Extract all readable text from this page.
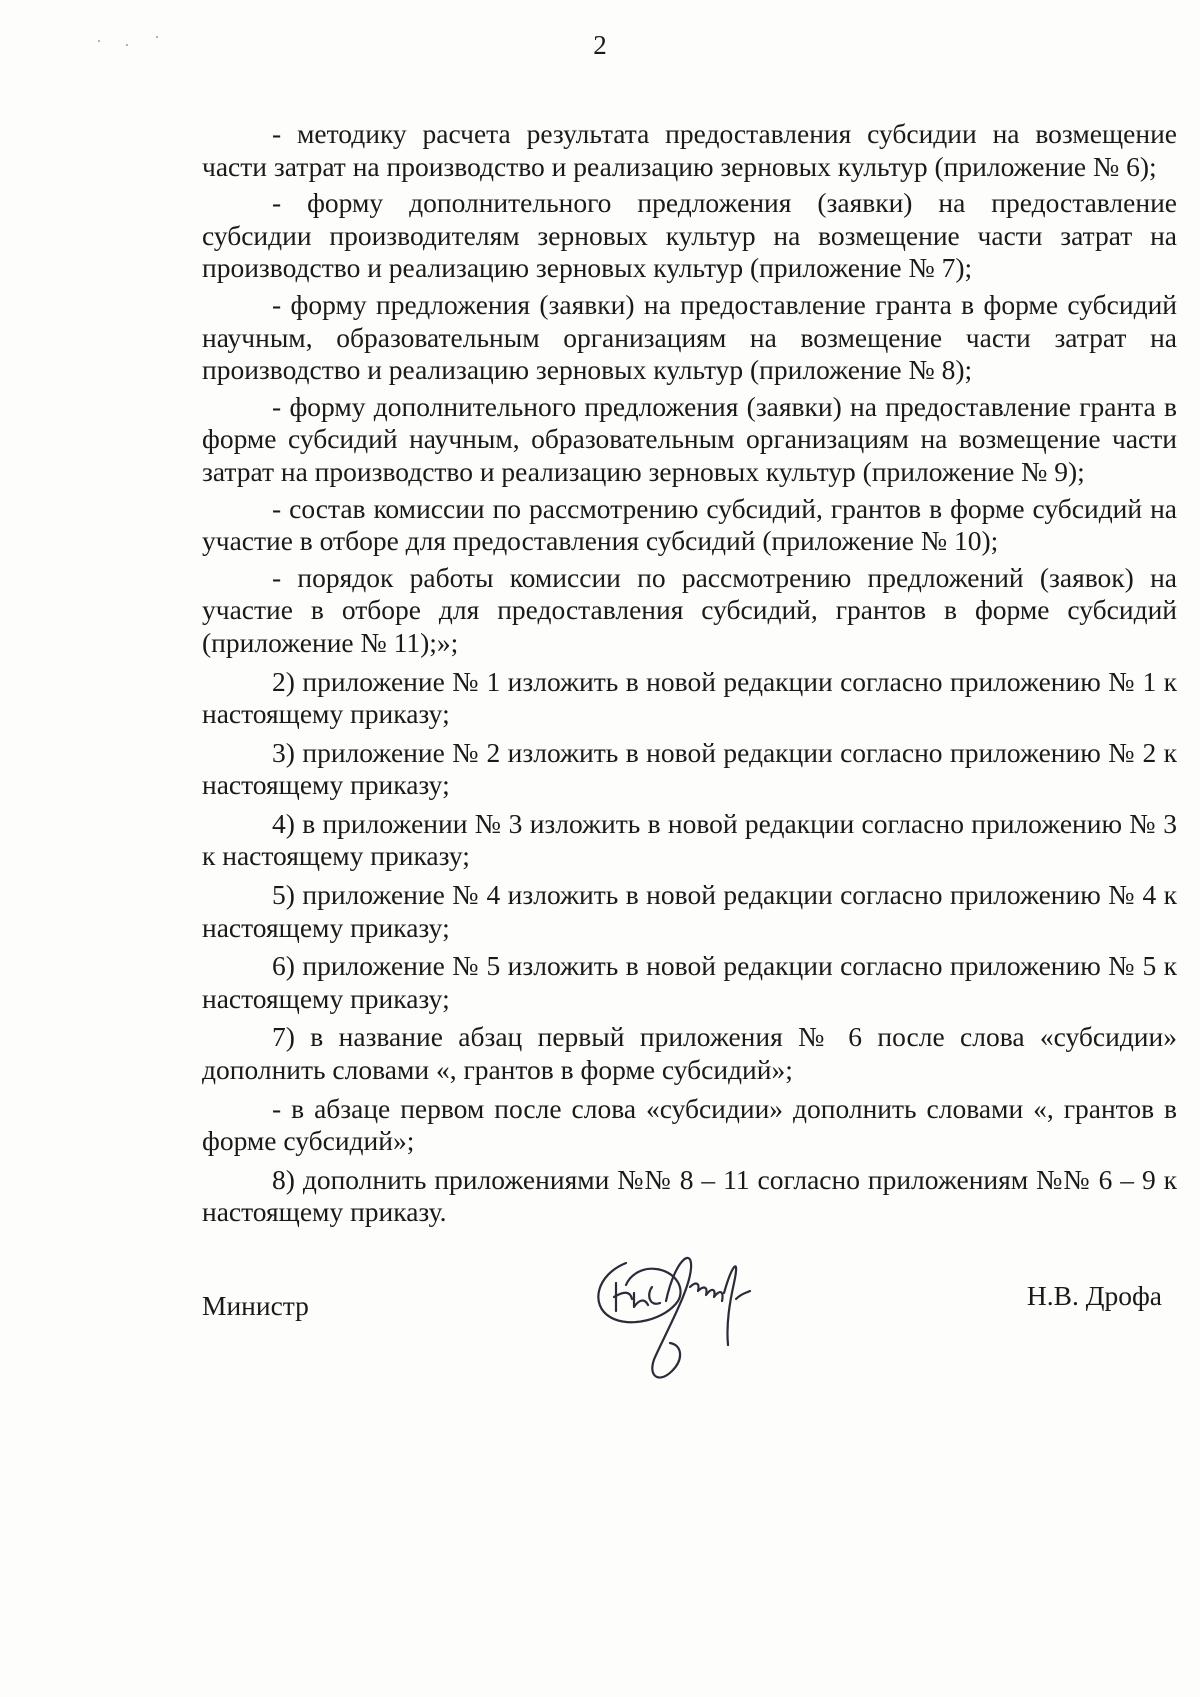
2

- методику расчета результата предоставления субсидии на возмещение части затрат на производство и реализацию зерновых культур (приложение № 6);

- форму дополнительного предложения (заявки) на предоставление субсидии производителям зерновых культур на возмещение части затрат на производство и реализацию зерновых культур (приложение № 7);

- форму предложения (заявки) на предоставление гранта в форме субсидий научным, образовательным организациям на возмещение части затрат на производство и реализацию зерновых культур (приложение № 8);

- форму дополнительного предложения (заявки) на предоставление гранта в форме субсидий научным, образовательным организациям на возмещение части затрат на производство и реализацию зерновых культур (приложение № 9);

- состав комиссии по рассмотрению субсидий, грантов в форме субсидий на участие в отборе для предоставления субсидий (приложение № 10);

- порядок работы комиссии по рассмотрению предложений (заявок) на участие в отборе для предоставления субсидий, грантов в форме субсидий (приложение № 11);»;

2) приложение № 1 изложить в новой редакции согласно приложению № 1 к настоящему приказу;

3) приложение № 2 изложить в новой редакции согласно приложению № 2 к настоящему приказу;

4) в приложении № 3 изложить в новой редакции согласно приложению № 3 к настоящему приказу;

5) приложение № 4 изложить в новой редакции согласно приложению № 4 к настоящему приказу;

6) приложение № 5 изложить в новой редакции согласно приложению № 5 к настоящему приказу;

7) в название абзац первый приложения № 6 после слова «субсидии» дополнить словами «, грантов в форме субсидий»;

- в абзаце первом после слова «субсидии» дополнить словами «, грантов в форме субсидий»;

8) дополнить приложениями №№ 8 – 11 согласно приложениям №№ 6 – 9 к настоящему приказу.

Министр	Н.В. Дрофа
